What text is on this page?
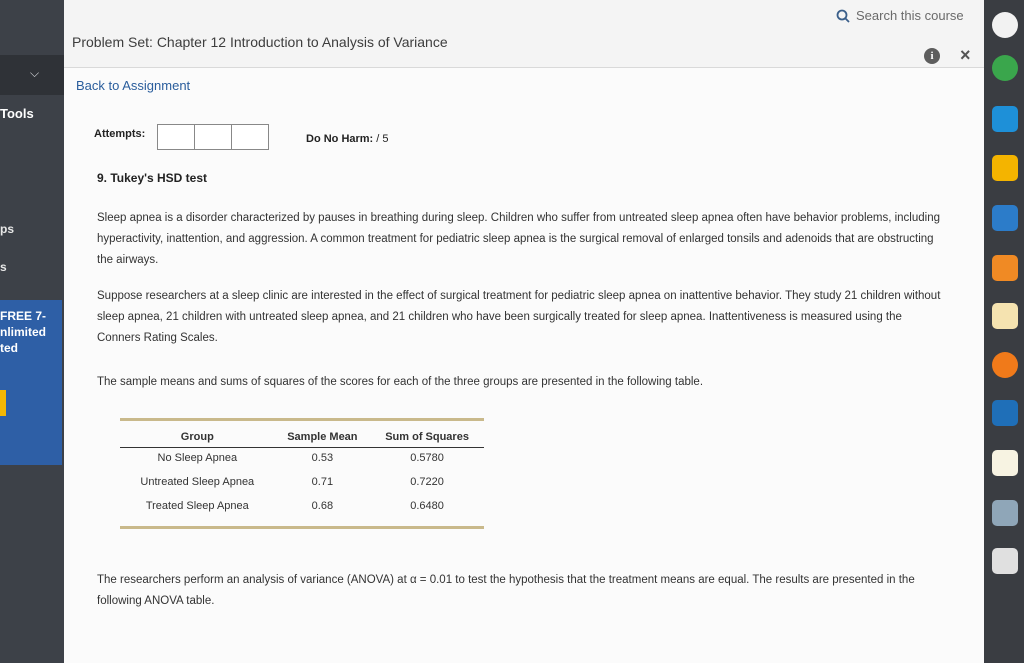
⌵
Tools
ps
s
FREE 7-
nlimited
ted
Search this course
Problem Set: Chapter 12 Introduction to Analysis of Variance
i	×
Back to Assignment
Attempts:	Do No Harm: / 5
9. Tukey's HSD test
Sleep apnea is a disorder characterized by pauses in breathing during sleep. Children who suffer from untreated sleep apnea often have behavior problems, including hyperactivity, inattention, and aggression. A common treatment for pediatric sleep apnea is the surgical removal of enlarged tonsils and adenoids that are obstructing the airways.
Suppose researchers at a sleep clinic are interested in the effect of surgical treatment for pediatric sleep apnea on inattentive behavior. They study 21 children without sleep apnea, 21 children with untreated sleep apnea, and 21 children who have been surgically treated for sleep apnea. Inattentiveness is measured using the Conners Rating Scales.
The sample means and sums of squares of the scores for each of the three groups are presented in the following table.
Group	Sample Mean	Sum of Squares
No Sleep Apnea	0.53	0.5780
Untreated Sleep Apnea	0.71	0.7220
Treated Sleep Apnea	0.68	0.6480
The researchers perform an analysis of variance (ANOVA) at α = 0.01 to test the hypothesis that the treatment means are equal. The results are presented in the following ANOVA table.
